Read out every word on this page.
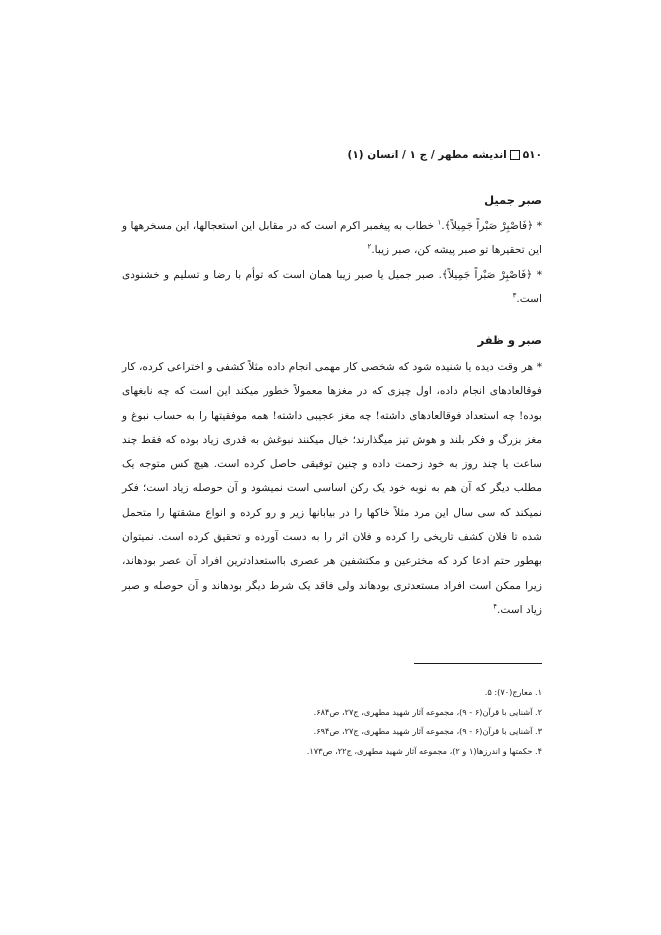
۵۱۰اندیشه مطهر / ج ۱ / انسان (۱)
صبر جمیل

* ﴿فَاصْبِرْ صَبْراً جَمِیلاً﴾.$^۱$ خطاب به پیغمبر اکرم است که در مقابل این استعجالها، این مسخرهها و این تحقیرها تو صبر پیشه کن، صبر زیبا.$^۲$

* ﴿فَاصْبِرْ صَبْراً جَمِیلاً﴾. صبر جمیل یا صبر زیبا همان است که توأم با رضا و تسلیم و خشنودی است.$^۳$

صبر و ظفر

* هر وقت دیده یا شنیده شود که شخصی کار مهمی انجام داده مثلاً کشفی و اختراعی کرده، کار فوقالعادهای انجام داده، اول چیزی که در مغزها معمولاً خطور میکند این است که چه نابغهای بوده! چه استعداد فوقالعادهای داشته! چه مغز عجیبی داشته! همه موفقیتها را به حساب نبوغ و مغز بزرگ و فکر بلند و هوش تیز میگذارند؛ خیال میکنند نبوغش به قدری زیاد بوده که فقط چند ساعت یا چند روز به خود زحمت داده و چنین توفیقی حاصل کرده است. هیچ کس متوجه یک مطلب دیگر که آن هم به نوبه خود یک رکن اساسی است نمیشود و آن حوصله زیاد است؛ فکر نمیکند که سی سال این مرد مثلاً خاکها را در بیابانها زیر و رو کرده و انواع مشقتها را متحمل شده تا فلان کشف تاریخی را کرده و فلان اثر را به دست آورده و تحقیق کرده است. نمیتوان بهطور حتم ادعا کرد که مخترعین و مکتشفین هر عصری بااستعدادترین افراد آن عصر بودهاند، زیرا ممکن است افراد مستعدتری بودهاند ولی فاقد یک شرط دیگر بودهاند و آن حوصله و صبر زیاد است.$^۴$

۱. معارج(۷۰): ۵.
۲. آشنایی با قرآن(۶ - ۹)، مجموعه آثار شهید مطهری، ج۲۷، ص۶۸۴.
۳. آشنایی با قرآن(۶ - ۹)، مجموعه آثار شهید مطهری، ج۲۷، ص۶۹۴.
۴. حکمتها و اندرزها(۱ و ۲)، مجموعه آثار شهید مطهری، ج۲۲، ص۱۷۳.
